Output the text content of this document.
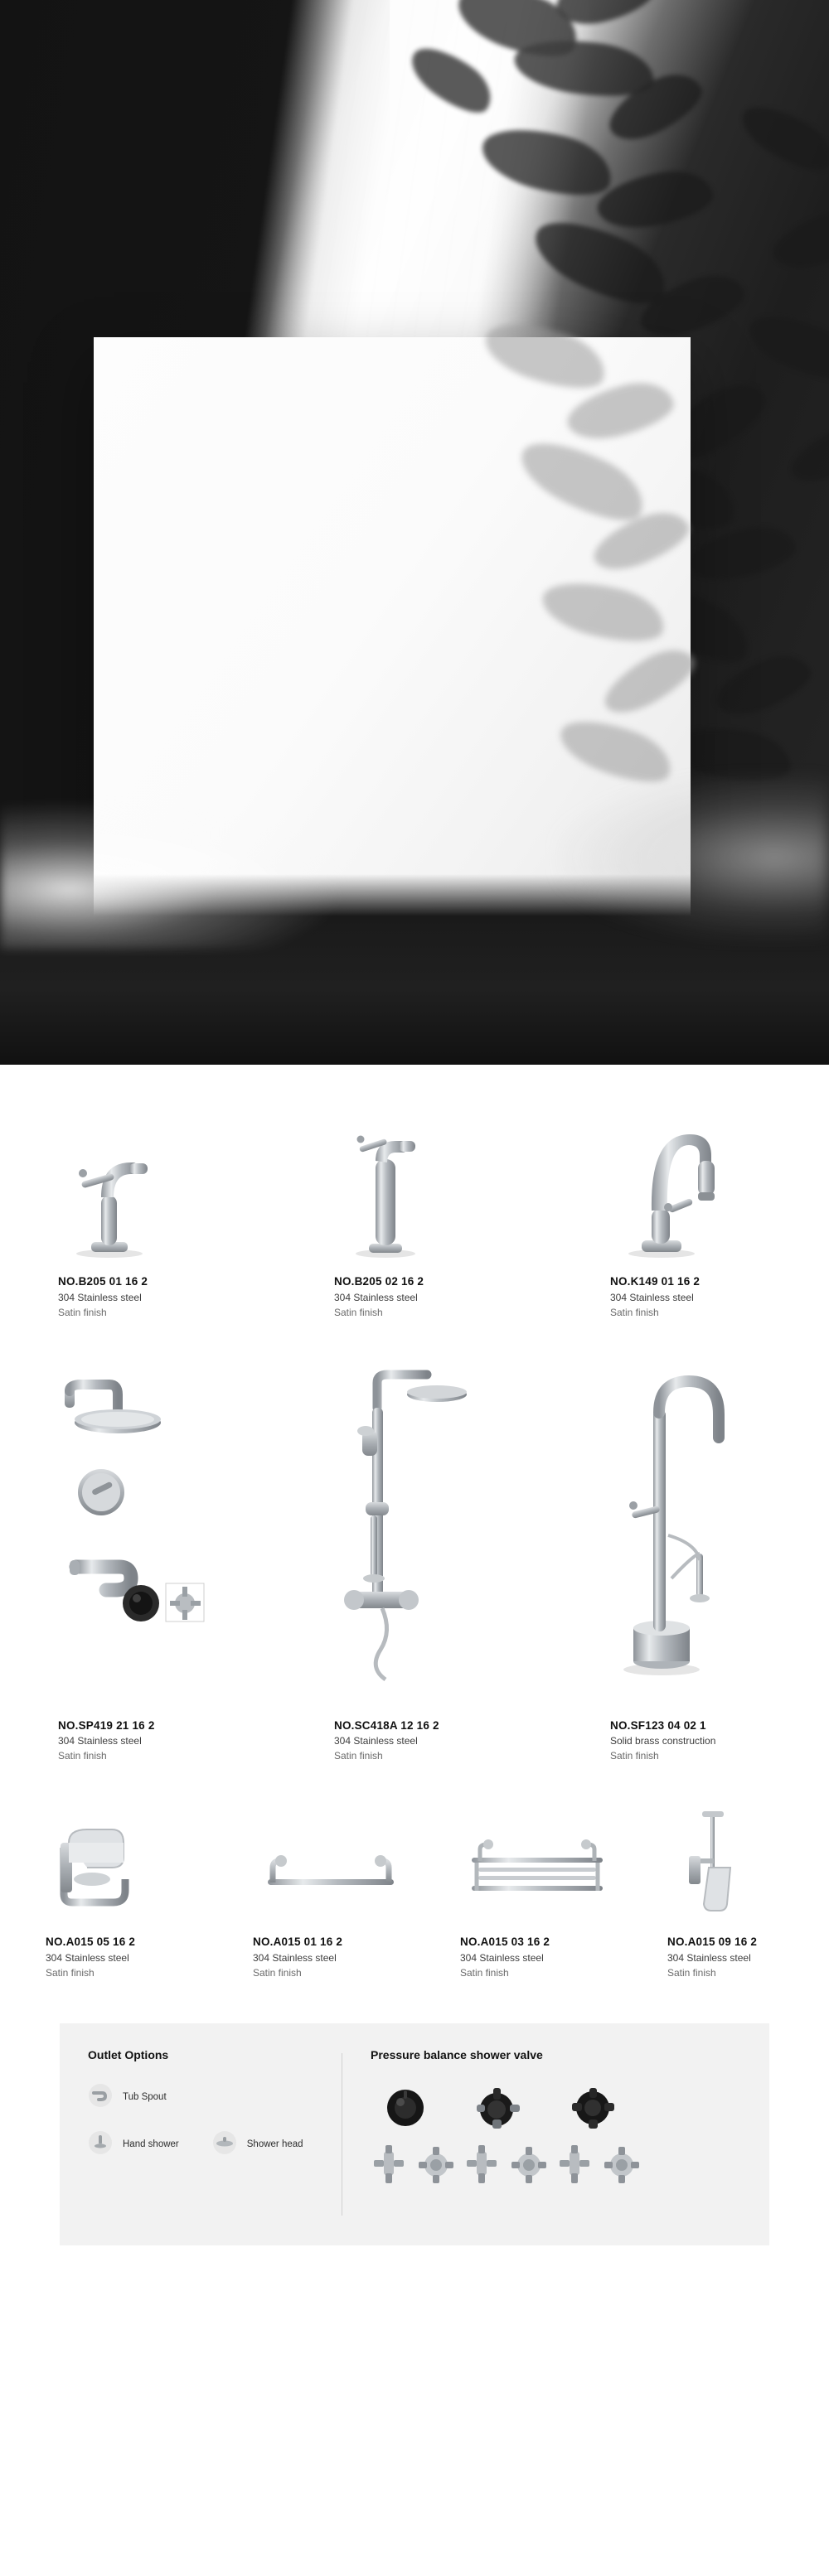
NO.B205 01 16 2
304 Stainless steel
Satin finish
NO.B205 02 16 2
304 Stainless steel
Satin finish
NO.K149 01 16 2
304 Stainless steel
Satin finish
NO.SP419 21 16 2
304 Stainless steel
Satin finish
NO.SC418A 12 16 2
304 Stainless steel
Satin finish
NO.SF123 04 02 1
Solid brass construction
Satin finish
NO.A015 05 16 2
304 Stainless steel
Satin finish
NO.A015 01 16 2
304 Stainless steel
Satin finish
NO.A015 03 16 2
304 Stainless steel
Satin finish
NO.A015 09 16 2
304 Stainless steel
Satin finish
Outlet Options
Tub Spout
Hand shower	Shower head
Pressure balance shower valve
